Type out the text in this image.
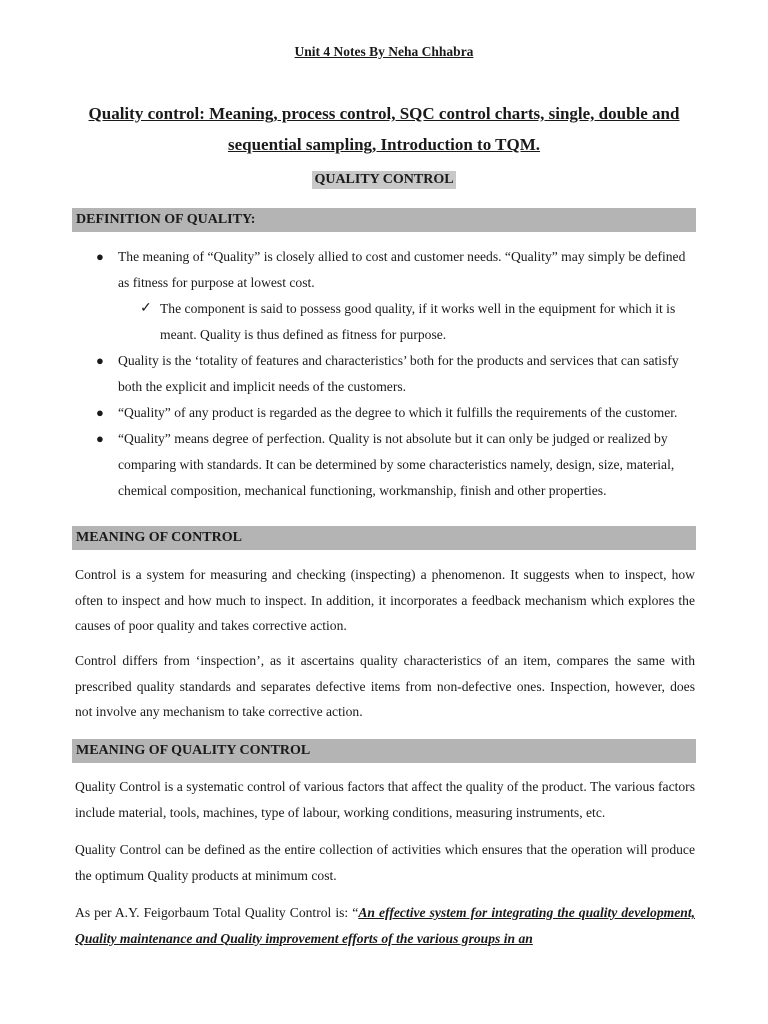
Unit 4 Notes By Neha Chhabra
Quality control: Meaning, process control, SQC control charts, single, double and sequential sampling, Introduction to TQM.
QUALITY CONTROL
DEFINITION OF QUALITY:
● The meaning of “Quality” is closely allied to cost and customer needs. “Quality” may simply be defined as fitness for purpose at lowest cost.
✓ The component is said to possess good quality, if it works well in the equipment for which it is meant. Quality is thus defined as fitness for purpose.
● Quality is the ‘totality of features and characteristics’ both for the products and services that can satisfy both the explicit and implicit needs of the customers.
● “Quality” of any product is regarded as the degree to which it fulfills the requirements of the customer.
● “Quality” means degree of perfection. Quality is not absolute but it can only be judged or realized by comparing with standards. It can be determined by some characteristics namely, design, size, material, chemical composition, mechanical functioning, workmanship, finish and other properties.
MEANING OF CONTROL

Control is a system for measuring and checking (inspecting) a phenomenon. It suggests when to inspect, how often to inspect and how much to inspect. In addition, it incorporates a feedback mechanism which explores the causes of poor quality and takes corrective action.

Control differs from ‘inspection’, as it ascertains quality characteristics of an item, compares the same with prescribed quality standards and separates defective items from non-defective ones. Inspection, however, does not involve any mechanism to take corrective action.

MEANING OF QUALITY CONTROL

Quality Control is a systematic control of various factors that affect the quality of the product. The various factors include material, tools, machines, type of labour, working conditions, measuring instruments, etc.

Quality Control can be defined as the entire collection of activities which ensures that the operation will produce the optimum Quality products at minimum cost.

As per A.Y. Feigorbaum Total Quality Control is: “An effective system for integrating the quality development, Quality maintenance and Quality improvement efforts of the various groups in an
